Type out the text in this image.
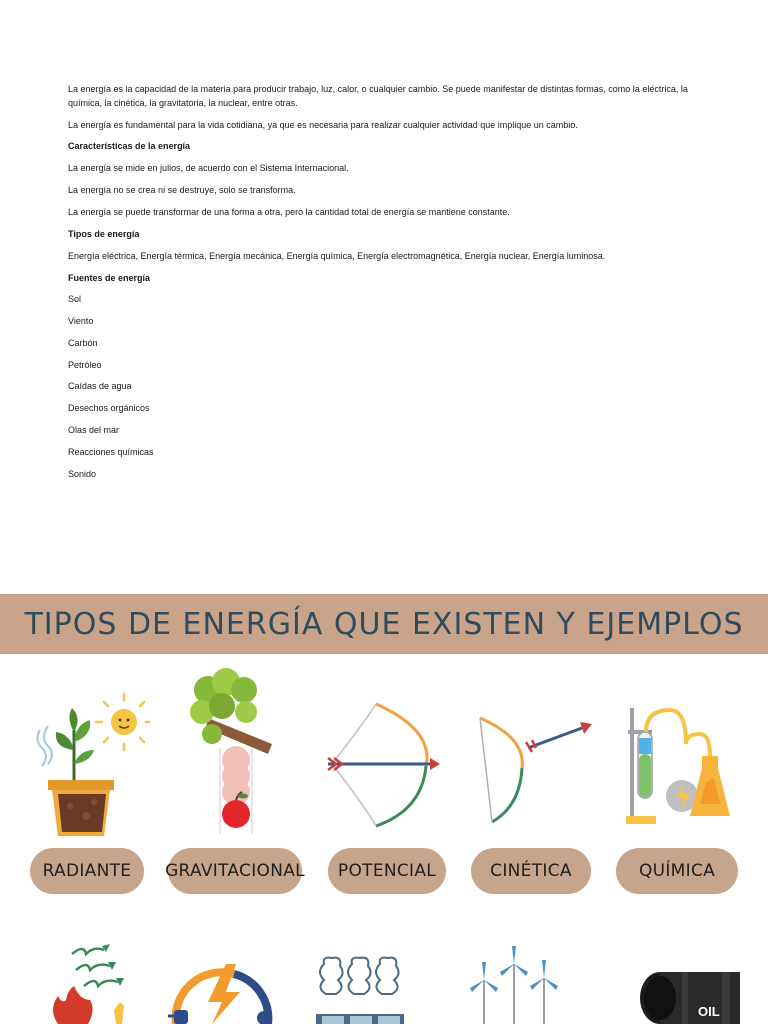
La energía es la capacidad de la materia para producir trabajo, luz, calor, o cualquier cambio. Se puede manifestar de distintas formas, como la eléctrica, la química, la cinética, la gravitatoria, la nuclear, entre otras.

La energía es fundamental para la vida cotidiana, ya que es necesaria para realizar cualquier actividad que implique un cambio.

Características de la energía

La energía se mide en julios, de acuerdo con el Sistema Internacional.

La energía no se crea ni se destruye, solo se transforma.

La energía se puede transformar de una forma a otra, pero la cantidad total de energía se mantiene constante.

Tipos de energía

Energía eléctrica, Energía térmica, Energía mecánica, Energía química, Energía electromagnética, Energía nuclear, Energía luminosa.

Fuentes de energía

Sol

Viento

Carbón

Petróleo

Caídas de agua

Desechos orgánicos

Olas del mar

Reacciones químicas

Sonido

TIPOS DE ENERGÍA QUE EXISTEN Y EJEMPLOS
RADIANTE	GRAVITACIONAL	POTENCIAL	CINÉTICA	QUÍMICA
OIL
